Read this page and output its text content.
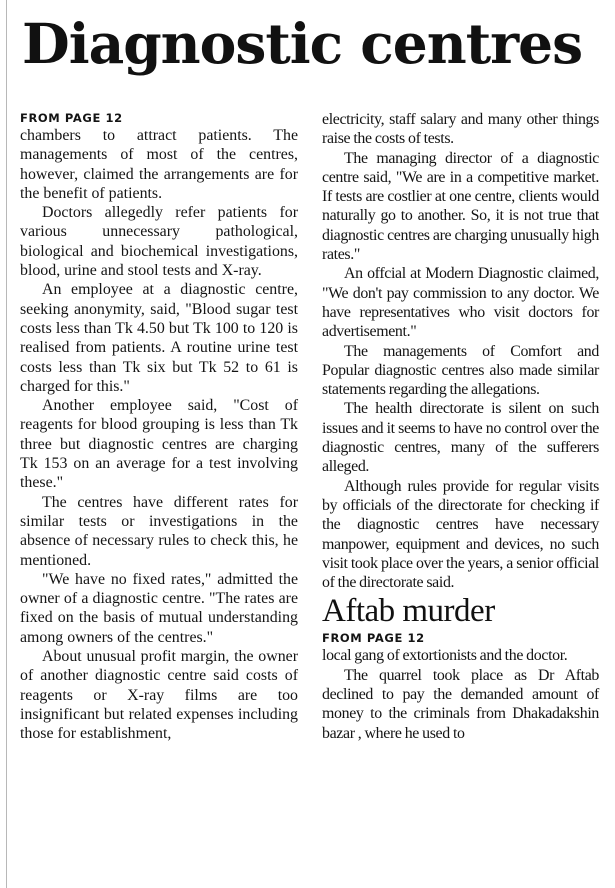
Diagnostic centres
FROM PAGE 12

chambers to attract patients. The managements of most of the centres, however, claimed the arrangements are for the benefit of patients.

Doctors allegedly refer patients for various unnecessary pathological, biological and biochemical investigations, blood, urine and stool tests and X-ray.

An employee at a diagnostic centre, seeking anonymity, said, "Blood sugar test costs less than Tk 4.50 but Tk 100 to 120 is realised from patients. A routine urine test costs less than Tk six but Tk 52 to 61 is charged for this."

Another employee said, "Cost of reagents for blood grouping is less than Tk three but diagnostic centres are charging Tk 153 on an average for a test involving these."

The centres have different rates for similar tests or investigations in the absence of necessary rules to check this, he mentioned.

"We have no fixed rates," admitted the owner of a diagnostic centre. "The rates are fixed on the basis of mutual understanding among owners of the centres."

About unusual profit margin, the owner of another diagnostic centre said costs of reagents or X-ray films are too insignificant but related expenses including those for establishment,

electricity, staff salary and many other things raise the costs of tests.

The managing director of a diagnostic centre said, "We are in a competitive market. If tests are costlier at one centre, clients would naturally go to another. So, it is not true that diagnostic centres are charging unusually high rates."

An offcial at Modern Diagnostic claimed, "We don't pay commission to any doctor. We have representatives who visit doctors for advertisement."

The managements of Comfort and Popular diagnostic centres also made similar statements regarding the allegations.

The health directorate is silent on such issues and it seems to have no control over the diagnostic centres, many of the sufferers alleged.

Although rules provide for regular visits by officials of the directorate for checking if the diagnostic centres have necessary manpower, equipment and devices, no such visit took place over the years, a senior official of the directorate said.

Aftab murder
FROM PAGE 12

local gang of extortionists and the doctor.

The quarrel took place as Dr Aftab declined to pay the demanded amount of money to the criminals from Dhakadakshin bazar , where he used to
